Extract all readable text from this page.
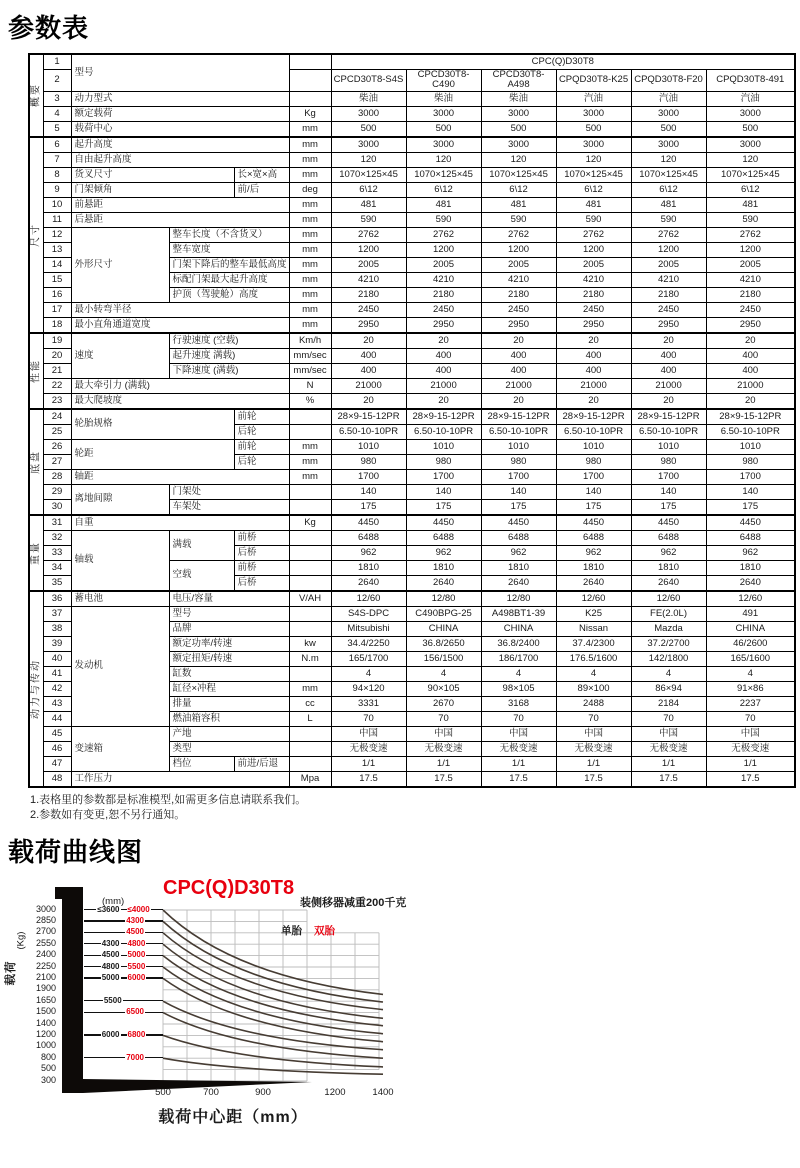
参数表
概要	1	型号				CPC(Q)D30T8					
	2					CPCD30T8-S4S	CPCD30T8-C490	CPCD30T8-A498	CPQD30T8-K25	CPQD30T8-F20	CPQD30T8-491
	3	动力型式				柴油	柴油	柴油	汽油	汽油	汽油
	4	额定载荷			Kg	3000	3000	3000	3000	3000	3000
	5	载荷中心			mm	500	500	500	500	500	500

尺寸	6	起升高度			mm	3000	3000	3000	3000	3000	3000
	7	自由起升高度			mm	120	120	120	120	120	120
	8	货叉尺寸		长×宽×高	mm	1070×125×45	1070×125×45	1070×125×45	1070×125×45	1070×125×45	1070×125×45
	9	门架倾角		前/后	deg	6\12	6\12	6\12	6\12	6\12	6\12
	10	前悬距			mm	481	481	481	481	481	481
	11	后悬距			mm	590	590	590	590	590	590
	12	外形尺寸	整车长度（不含货叉）		mm	2762	2762	2762	2762	2762	2762
	13		整车宽度		mm	1200	1200	1200	1200	1200	1200
	14		门架下降后的整车最低高度		mm	2005	2005	2005	2005	2005	2005
	15		标配门架最大起升高度		mm	4210	4210	4210	4210	4210	4210
	16		护顶（驾驶舱）高度		mm	2180	2180	2180	2180	2180	2180
	17	最小转弯半径			mm	2450	2450	2450	2450	2450	2450
	18	最小直角通道宽度			mm	2950	2950	2950	2950	2950	2950

性能	19	速度	行驶速度 (空载)		Km/h	20	20	20	20	20	20
	20		起升速度 满载)		mm/sec	400	400	400	400	400	400
	21		下降速度 (满载)		mm/sec	400	400	400	400	400	400
	22	最大牵引力 (满载)			N	21000	21000	21000	21000	21000	21000
	23	最大爬坡度			%	20	20	20	20	20	20

底盘	24	轮胎规格		前轮		28×9-15-12PR	28×9-15-12PR	28×9-15-12PR	28×9-15-12PR	28×9-15-12PR	28×9-15-12PR
	25			后轮		6.50-10-10PR	6.50-10-10PR	6.50-10-10PR	6.50-10-10PR	6.50-10-10PR	6.50-10-10PR
	26	轮距		前轮	mm	1010	1010	1010	1010	1010	1010
	27			后轮	mm	980	980	980	980	980	980
	28	轴距			mm	1700	1700	1700	1700	1700	1700
	29	离地间隙	门架处			140	140	140	140	140	140
	30		车架处			175	175	175	175	175	175

重量	31	自重			Kg	4450	4450	4450	4450	4450	4450
	32	轴载	满载	前桥		6488	6488	6488	6488	6488	6488
	33			后桥		962	962	962	962	962	962
	34		空载	前桥		1810	1810	1810	1810	1810	1810
	35			后桥		2640	2640	2640	2640	2640	2640

动力与传动	36	蓄电池	电压/容量		V/AH	12/60	12/80	12/80	12/60	12/60	12/60
	37	发动机	型号			S4S-DPC	C490BPG-25	A498BT1-39	K25	FE(2.0L)	491
	38		品牌			Mitsubishi	CHINA	CHINA	Nissan	Mazda	CHINA
	39		额定功率/转速		kw	34.4/2250	36.8/2650	36.8/2400	37.4/2300	37.2/2700	46/2600
	40		额定扭矩/转速		N.m	165/1700	156/1500	186/1700	176.5/1600	142/1800	165/1600
	41		缸数			4	4	4	4	4	4
	42		缸径×冲程		mm	94×120	90×105	98×105	89×100	86×94	91×86
	43		排量		cc	3331	2670	3168	2488	2184	2237
	44		燃油箱容积		L	70	70	70	70	70	70
	45	变速箱	产地			中国	中国	中国	中国	中国	中国
	46		类型			无极变速	无极变速	无极变速	无极变速	无极变速	无极变速
	47		档位	前进/后退		1/1	1/1	1/1	1/1	1/1	1/1
	48	工作压力			Mpa	17.5	17.5	17.5	17.5	17.5	17.5
1.表格里的参数都是标准模型,如需更多信息请联系我们。
2.参数如有变更,恕不另行通知。
载荷曲线图
CPC(Q)D30T8
装侧移器减重200千克
单胎 双胎
(mm)
载荷
(Kg)
3000
2850
2700
2550
2400
2250
2100
1900
1650
1500
1400
1200
1000
800
500
300
≤3600 ≤4000
4300
4500
4300 4800
4500 5000
4800 5500
5000 6000
5500
6500
6000 6800
7000
500	700	900	1200	1400
载荷中心距（mm）
